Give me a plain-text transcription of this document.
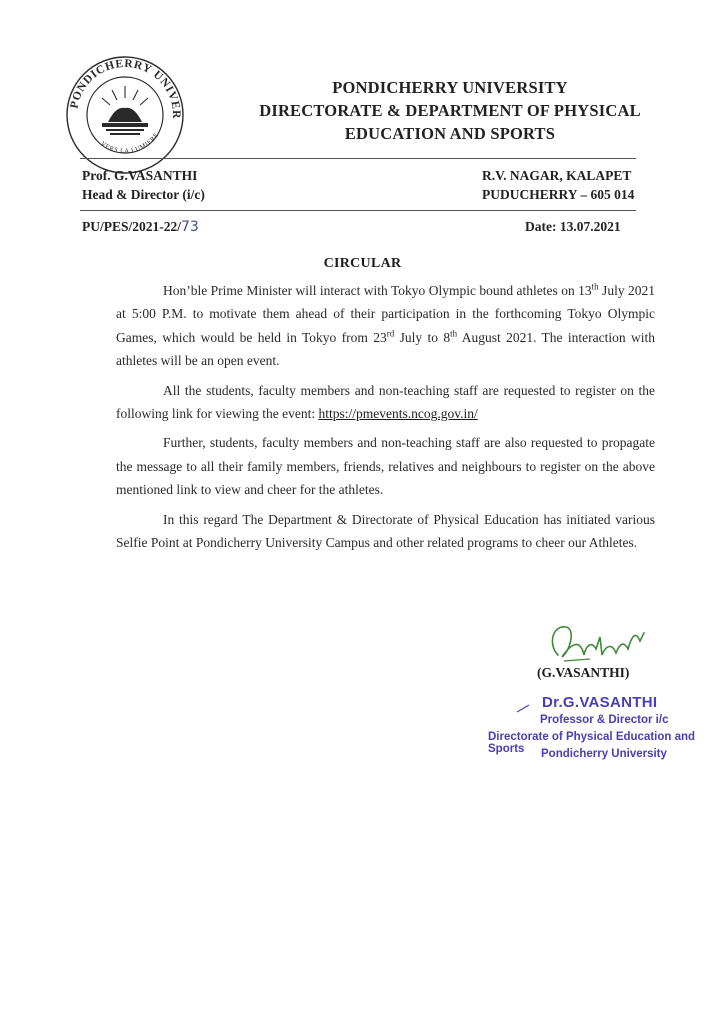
PONDICHERRY UNIVER
VERS LA LUMIERE
PONDICHERRY UNIVERSITY
DIRECTORATE & DEPARTMENT OF PHYSICAL
EDUCATION AND SPORTS
Prof. G.VASANTHI
Head & Director (i/c)
R.V. NAGAR, KALAPET
PUDUCHERRY – 605 014
PU/PES/2021-22/73	Date: 13.07.2021
CIRCULAR

Hon’ble Prime Minister will interact with Tokyo Olympic bound athletes on 13th July 2021 at 5:00 P.M. to motivate them ahead of their participation in the forthcoming Tokyo Olympic Games, which would be held in Tokyo from 23rd July to 8th August 2021. The interaction with athletes will be an open event.

All the students, faculty members and non-teaching staff are requested to register on the following link for viewing the event: https://pmevents.ncog.gov.in/

Further, students, faculty members and non-teaching staff are also requested to propagate the message to all their family members, friends, relatives and neighbours to register on the above mentioned link to view and cheer for the athletes.

In this regard The Department & Directorate of Physical Education has initiated various Selfie Point at Pondicherry University Campus and other related programs to cheer our Athletes.

(G.VASANTHI)
Dr.G.VASANTHI
Professor & Director i/c
Directorate of Physical Education and Sports	Pondicherry University
